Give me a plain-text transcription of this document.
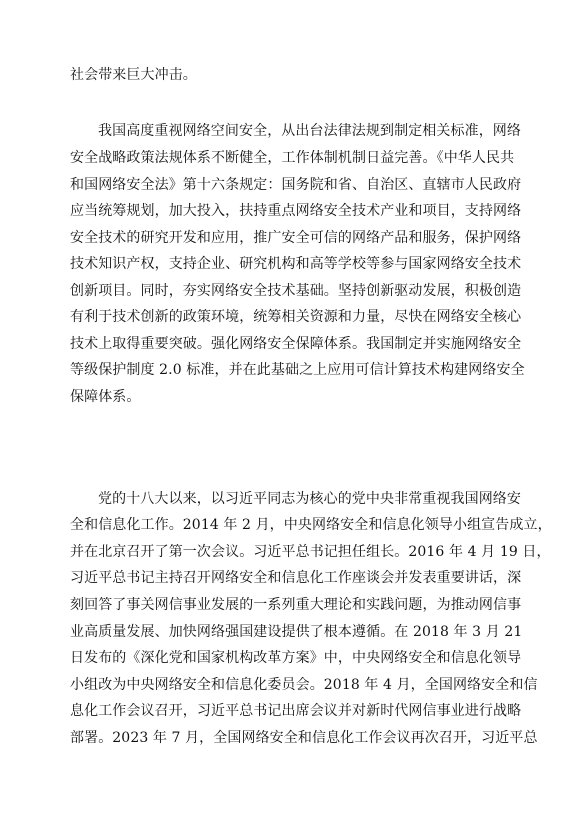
社会带来巨大冲击。
我国高度重视网络空间安全，从出台法律法规到制定相关标准，网络
安全战略政策法规体系不断健全，工作体制机制日益完善。《中华人民共
和国网络安全法》第十六条规定：国务院和省、自治区、直辖市人民政府
应当统筹规划，加大投入，扶持重点网络安全技术产业和项目，支持网络
安全技术的研究开发和应用，推广安全可信的网络产品和服务，保护网络
技术知识产权，支持企业、研究机构和高等学校等参与国家网络安全技术
创新项目。同时，夯实网络安全技术基础。坚持创新驱动发展，积极创造
有利于技术创新的政策环境，统筹相关资源和力量，尽快在网络安全核心
技术上取得重要突破。强化网络安全保障体系。我国制定并实施网络安全
等级保护制度 2.0 标准，并在此基础之上应用可信计算技术构建网络安全
保障体系。
党的十八大以来，以习近平同志为核心的党中央非常重视我国网络安
全和信息化工作。2014 年 2 月，中央网络安全和信息化领导小组宣告成立，
并在北京召开了第一次会议。习近平总书记担任组长。2016 年 4 月 19 日，
习近平总书记主持召开网络安全和信息化工作座谈会并发表重要讲话，深
刻回答了事关网信事业发展的一系列重大理论和实践问题，为推动网信事
业高质量发展、加快网络强国建设提供了根本遵循。在 2018 年 3 月 21
日发布的《深化党和国家机构改革方案》中，中央网络安全和信息化领导
小组改为中央网络安全和信息化委员会。2018 年 4 月，全国网络安全和信
息化工作会议召开，习近平总书记出席会议并对新时代网信事业进行战略
部署。2023 年 7 月，全国网络安全和信息化工作会议再次召开，习近平总
